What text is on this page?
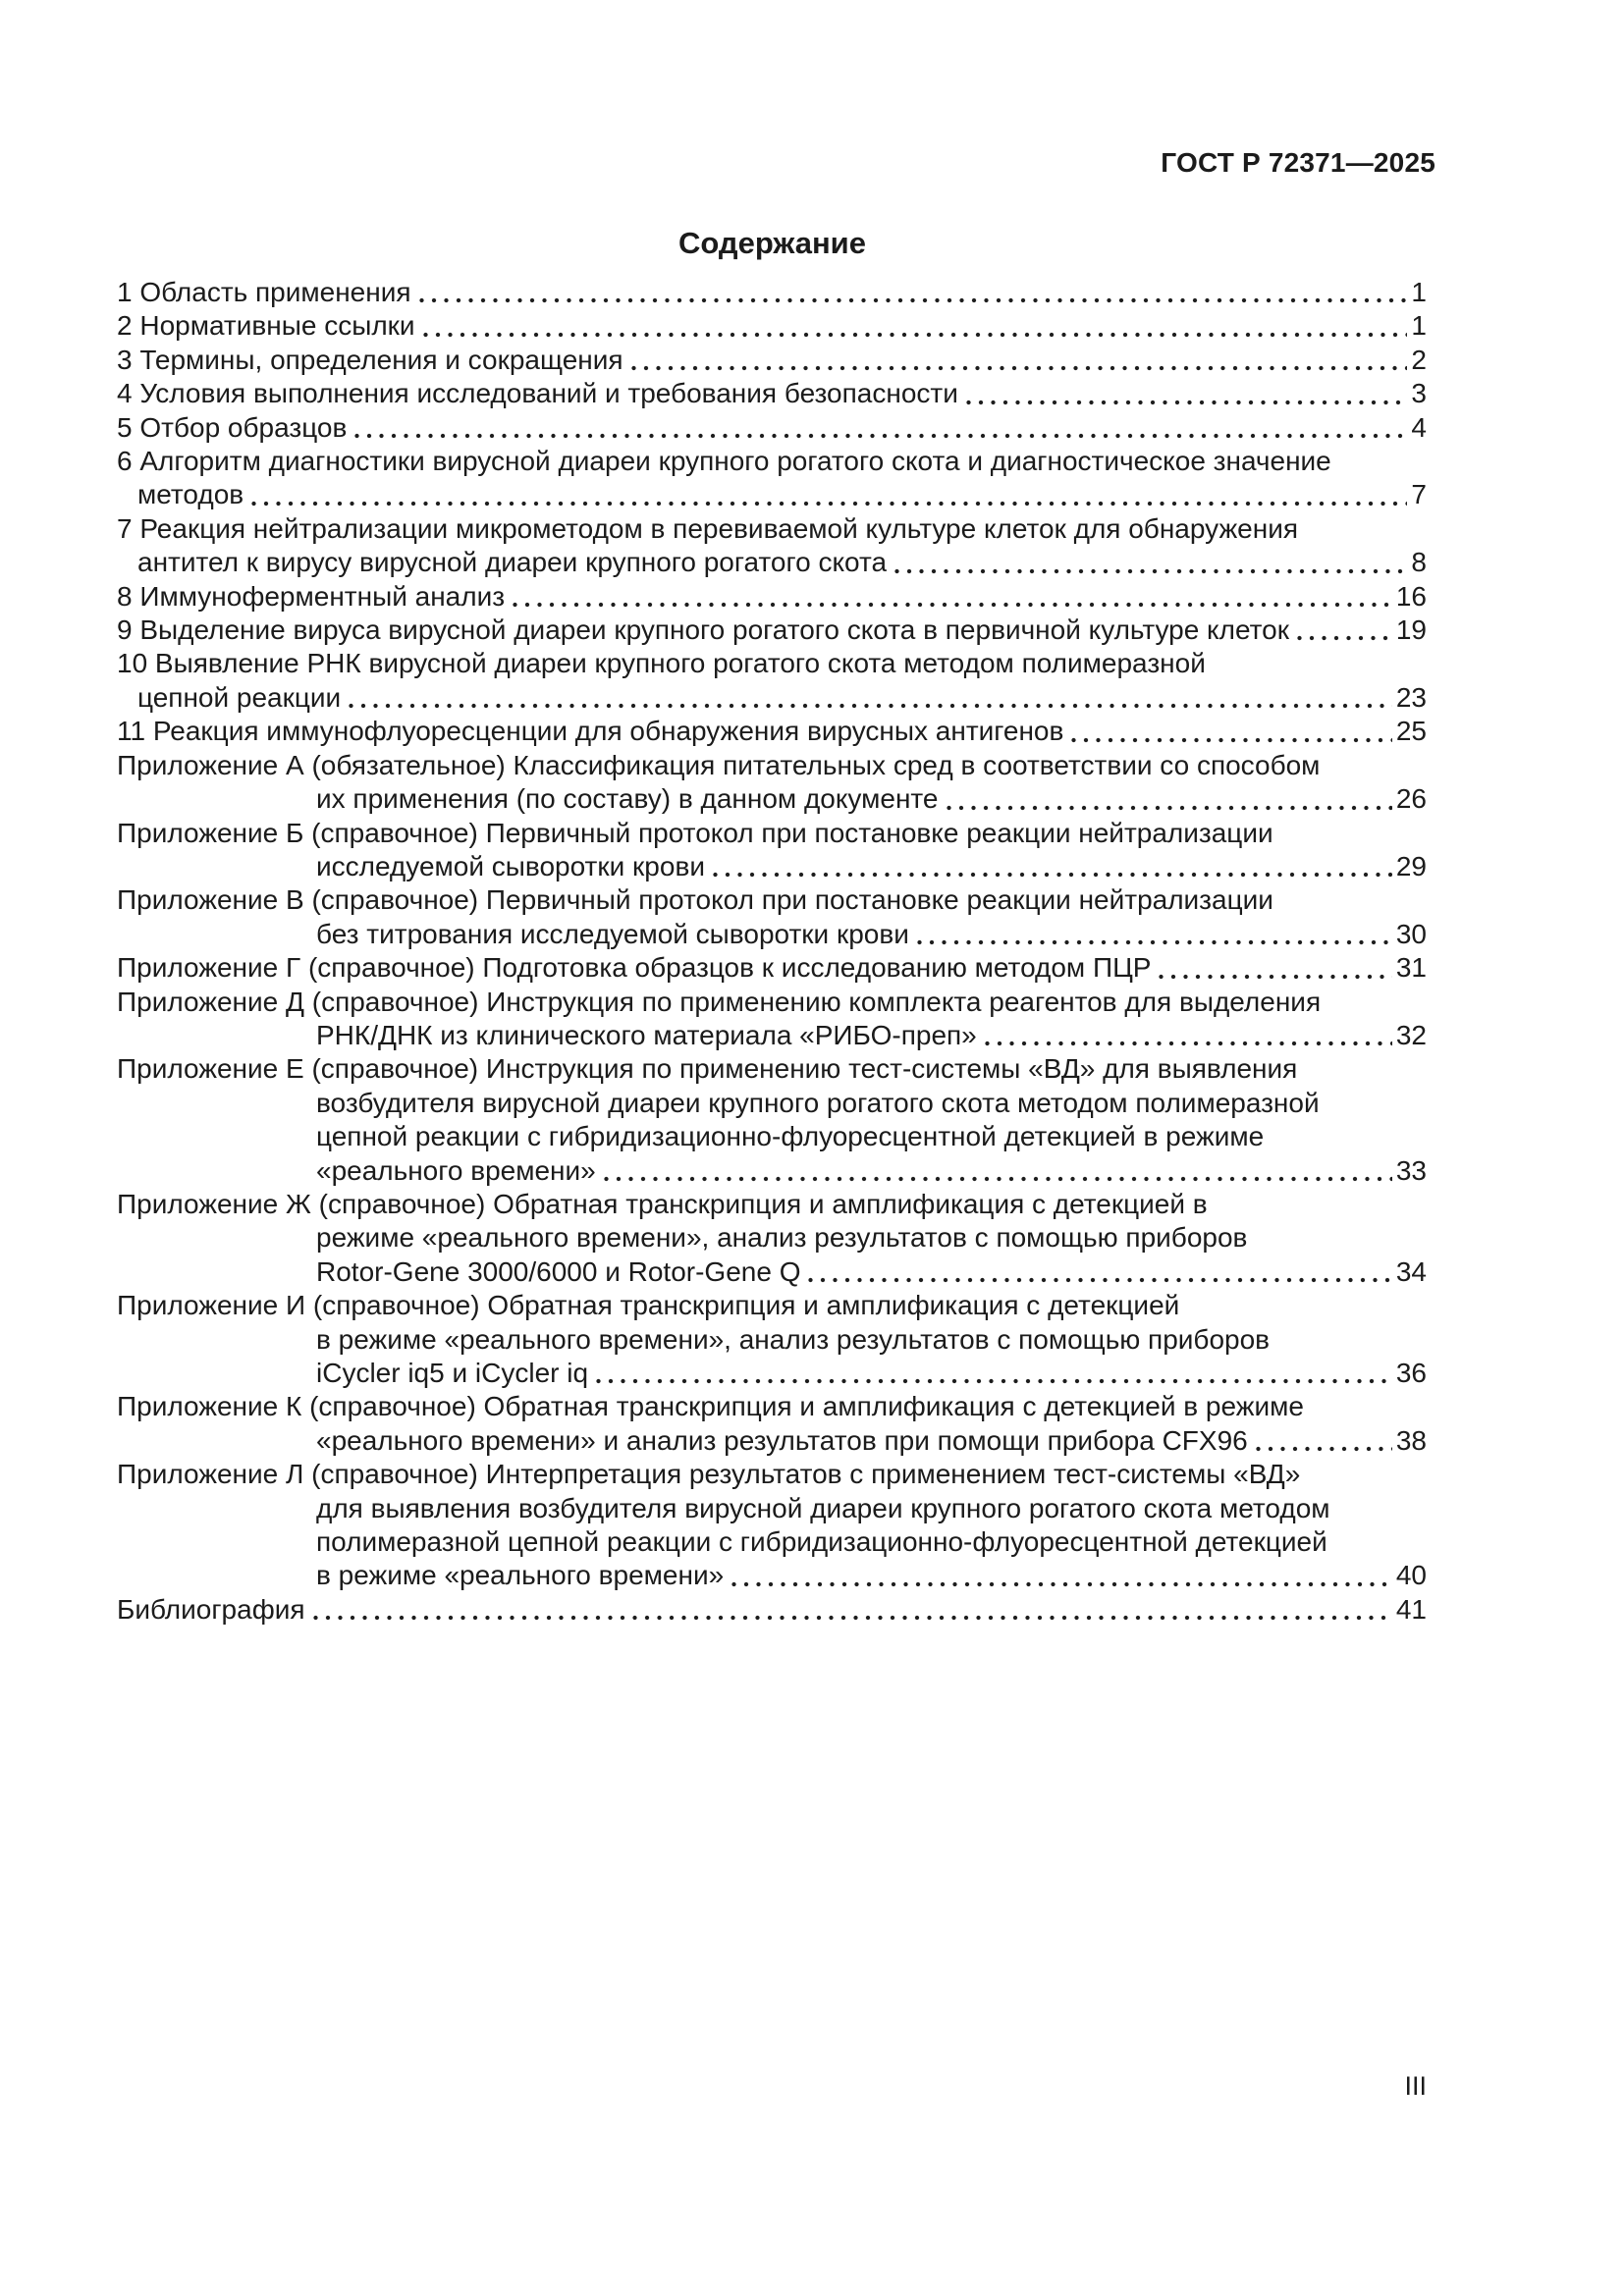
ГОСТ Р 72371—2025
Содержание
1 Область применения	1
2 Нормативные ссылки	1
3 Термины, определения и сокращения	2
4 Условия выполнения исследований и требования безопасности	3
5 Отбор образцов	4
6 Алгоритм диагностики вирусной диареи крупного рогатого скота и диагностическое значение
методов	7
7 Реакция нейтрализации микрометодом в перевиваемой культуре клеток для обнаружения
антител к вирусу вирусной диареи крупного рогатого скота	8
8 Иммуноферментный анализ	16
9 Выделение вируса вирусной диареи крупного рогатого скота в первичной культуре клеток	19
10 Выявление РНК вирусной диареи крупного рогатого скота методом полимеразной
цепной реакции	23
11 Реакция иммунофлуоресценции для обнаружения вирусных антигенов	25
Приложение А (обязательное) Классификация питательных сред в соответствии со способом
их применения (по составу) в данном документе	26
Приложение Б (справочное) Первичный протокол при постановке реакции нейтрализации
исследуемой сыворотки крови	29
Приложение В (справочное) Первичный протокол при постановке реакции нейтрализации
без титрования исследуемой сыворотки крови	30
Приложение Г (справочное) Подготовка образцов к исследованию методом ПЦР	31
Приложение Д (справочное) Инструкция по применению комплекта реагентов для выделения
РНК/ДНК из клинического материала «РИБО-преп»	32
Приложение Е (справочное) Инструкция по применению тест-системы «ВД» для выявления
возбудителя вирусной диареи крупного рогатого скота методом полимеразной
цепной реакции с гибридизационно-флуоресцентной детекцией в режиме
«реального времени»	33
Приложение Ж (справочное) Обратная транскрипция и амплификация с детекцией в
режиме «реального времени», анализ результатов с помощью приборов
Rotor-Gene 3000/6000 и Rotor-Gene Q	34
Приложение И (справочное) Обратная транскрипция и амплификация с детекцией
в режиме «реального времени», анализ результатов с помощью приборов
iCycler iq5 и iCycler iq	36
Приложение К (справочное) Обратная транскрипция и амплификация с детекцией в режиме
«реального времени» и анализ результатов при помощи прибора CFX96	38
Приложение Л (справочное) Интерпретация результатов с применением тест-системы «ВД»
для выявления возбудителя вирусной диареи крупного рогатого скота методом
полимеразной цепной реакции с гибридизационно-флуоресцентной детекцией
в режиме «реального времени»	40
Библиография	41
III
